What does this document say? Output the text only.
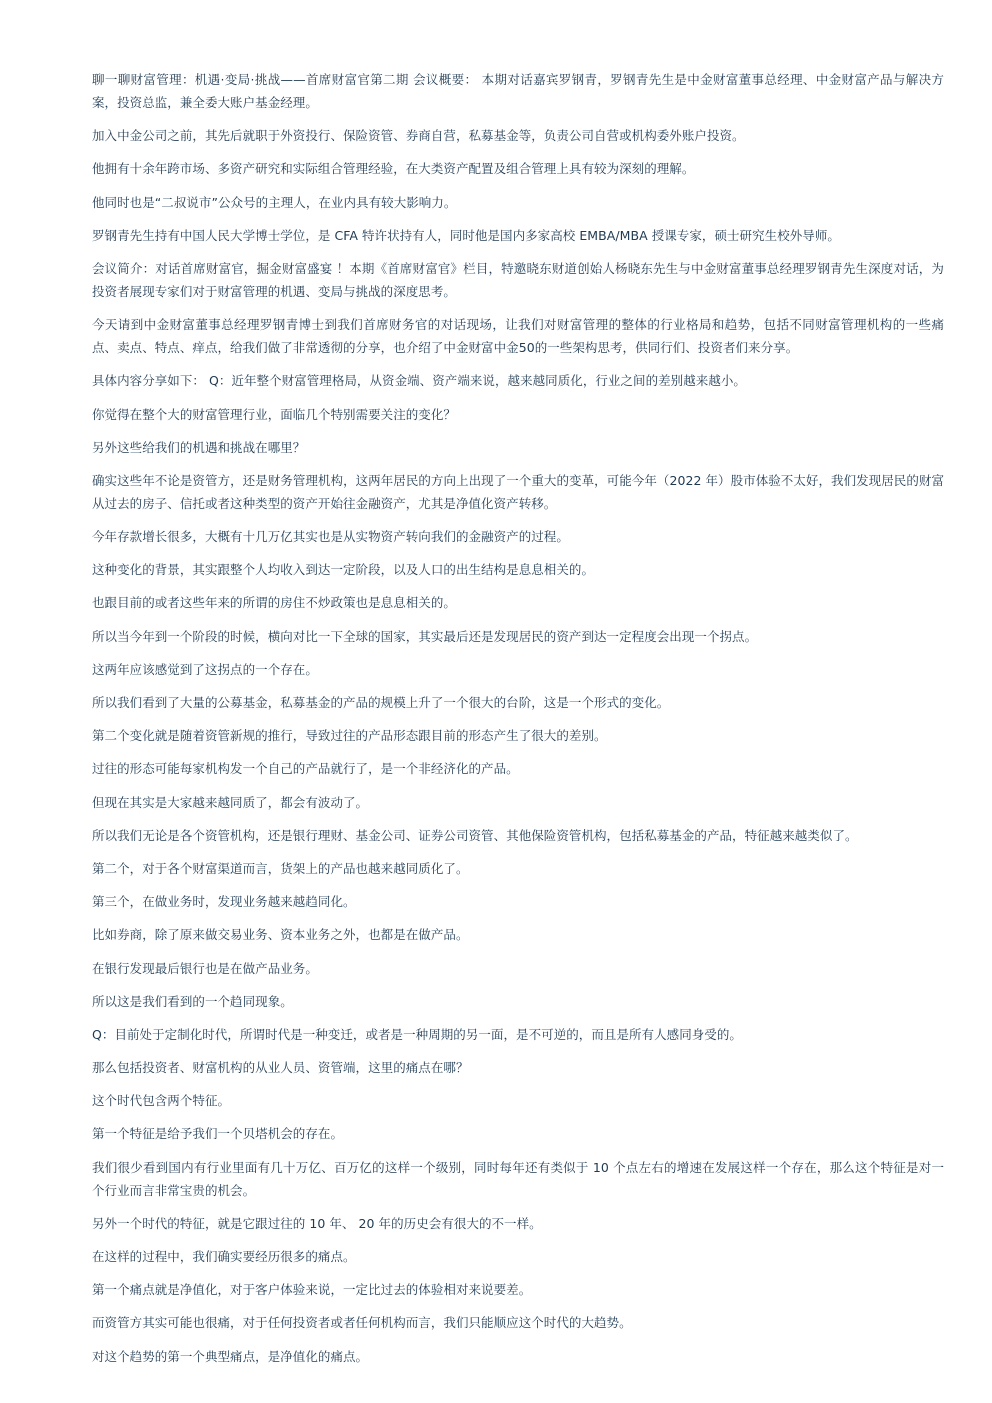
聊一聊财富管理：机遇·变局·挑战——首席财富官第二期 会议概要： 本期对话嘉宾罗钢青，罗钢青先生是中金财富董事总经理、中金财富产品与解决方案，投资总监，兼全委大账户基金经理。

加入中金公司之前，其先后就职于外资投行、保险资管、券商自营，私募基金等，负责公司自营或机构委外账户投资。

他拥有十余年跨市场、多资产研究和实际组合管理经验，在大类资产配置及组合管理上具有较为深刻的理解。

他同时也是“二叔说市”公众号的主理人，在业内具有较大影响力。

罗钢青先生持有中国人民大学博士学位，是 CFA 特许状持有人，同时他是国内多家高校 EMBA/MBA 授课专家，硕士研究生校外导师。

会议简介：对话首席财富官，掘金财富盛宴 ！本期《首席财富官》栏目，特邀晓东财道创始人杨晓东先生与中金财富董事总经理罗钢青先生深度对话，为投资者展现专家们对于财富管理的机遇、变局与挑战的深度思考。

今天请到中金财富董事总经理罗钢青博士到我们首席财务官的对话现场，让我们对财富管理的整体的行业格局和趋势，包括不同财富管理机构的一些痛点、卖点、特点、痒点，给我们做了非常透彻的分享，也介绍了中金财富中金50的一些架构思考，供同行们、投资者们来分享。

具体内容分享如下： Q：近年整个财富管理格局，从资金端、资产端来说，越来越同质化，行业之间的差别越来越小。

你觉得在整个大的财富管理行业，面临几个特别需要关注的变化？

另外这些给我们的机遇和挑战在哪里？

确实这些年不论是资管方，还是财务管理机构，这两年居民的方向上出现了一个重大的变革，可能今年（2022 年）股市体验不太好，我们发现居民的财富从过去的房子、信托或者这种类型的资产开始往金融资产，尤其是净值化资产转移。

今年存款增长很多，大概有十几万亿其实也是从实物资产转向我们的金融资产的过程。

这种变化的背景，其实跟整个人均收入到达一定阶段，以及人口的出生结构是息息相关的。

也跟目前的或者这些年来的所谓的房住不炒政策也是息息相关的。

所以当今年到一个阶段的时候，横向对比一下全球的国家，其实最后还是发现居民的资产到达一定程度会出现一个拐点。

这两年应该感觉到了这拐点的一个存在。

所以我们看到了大量的公募基金，私募基金的产品的规模上升了一个很大的台阶，这是一个形式的变化。

第二个变化就是随着资管新规的推行，导致过往的产品形态跟目前的形态产生了很大的差别。

过往的形态可能每家机构发一个自己的产品就行了，是一个非经济化的产品。

但现在其实是大家越来越同质了，都会有波动了。

所以我们无论是各个资管机构，还是银行理财、基金公司、证券公司资管、其他保险资管机构，包括私募基金的产品，特征越来越类似了。

第二个，对于各个财富渠道而言，货架上的产品也越来越同质化了。

第三个，在做业务时，发现业务越来越趋同化。

比如券商，除了原来做交易业务、资本业务之外，也都是在做产品。

在银行发现最后银行也是在做产品业务。

所以这是我们看到的一个趋同现象。

Q：目前处于定制化时代，所谓时代是一种变迁，或者是一种周期的另一面，是不可逆的，而且是所有人感同身受的。

那么包括投资者、财富机构的从业人员、资管端，这里的痛点在哪？

这个时代包含两个特征。

第一个特征是给予我们一个贝塔机会的存在。

我们很少看到国内有行业里面有几十万亿、百万亿的这样一个级别，同时每年还有类似于 10 个点左右的增速在发展这样一个存在，那么这个特征是对一个行业而言非常宝贵的机会。

另外一个时代的特征，就是它跟过往的 10 年、 20 年的历史会有很大的不一样。

在这样的过程中，我们确实要经历很多的痛点。

第一个痛点就是净值化，对于客户体验来说，一定比过去的体验相对来说要差。

而资管方其实可能也很痛，对于任何投资者或者任何机构而言，我们只能顺应这个时代的大趋势。

对这个趋势的第一个典型痛点，是净值化的痛点。
